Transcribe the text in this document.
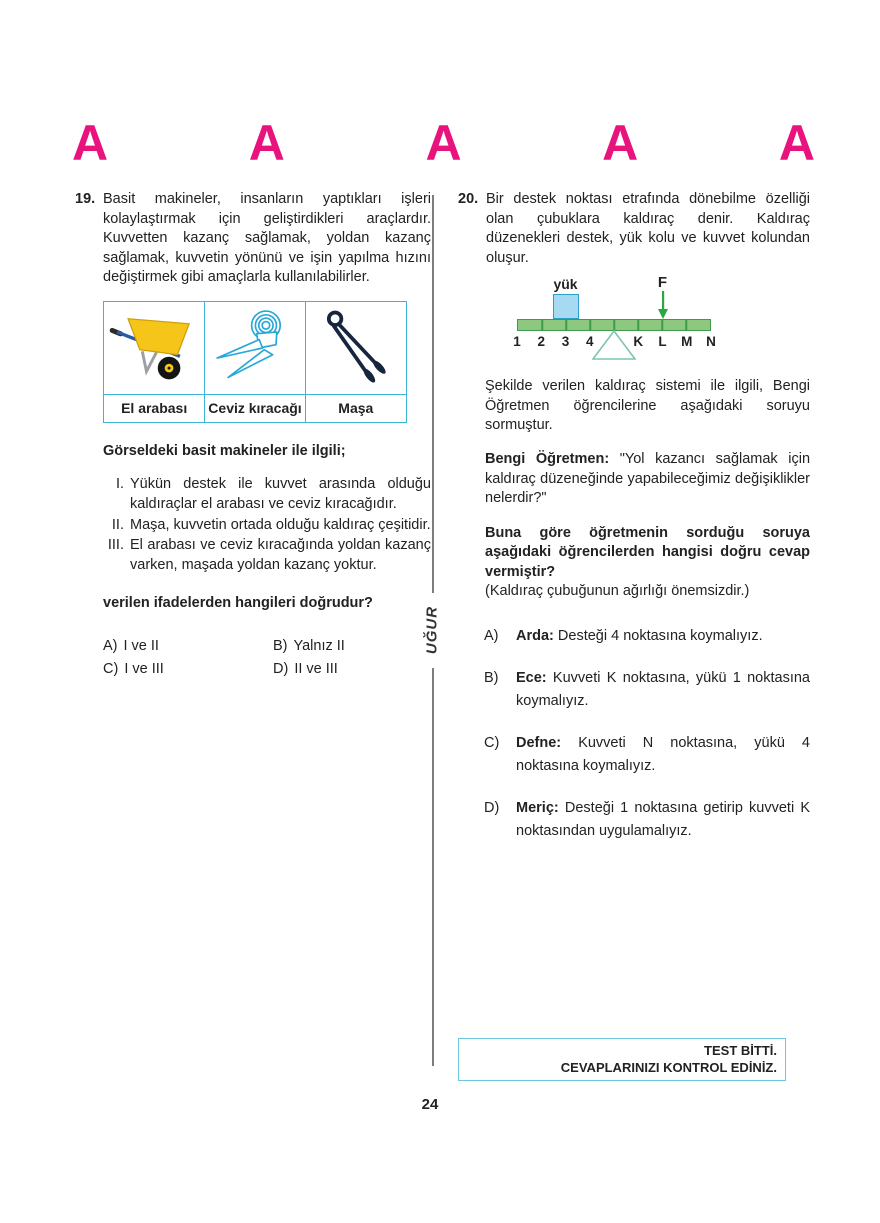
A	A	A	A	A
UĞUR
19. Basit makineler, insanların yaptıkları işleri kolaylaştırmak için geliştirdikleri araçlardır. Kuvvetten kazanç sağlamak, yoldan kazanç sağlamak, kuvvetin yönünü ve işin yapılma hızını değiştirmek gibi amaçlarla kullanılabilirler.

El arabası	Ceviz kıracağı	Maşa

Görseldeki basit makineler ile ilgili;

I. Yükün destek ile kuvvet arasında olduğu kaldıraçlar el arabası ve ceviz kıracağıdır.
II. Maşa, kuvvetin ortada olduğu kaldıraç çeşitidir.
III. El arabası ve ceviz kıracağında yoldan kazanç varken, maşada yoldan kazanç yoktur.

verilen ifadelerden hangileri doğrudur?

A) I ve II	B) Yalnız II
C) I ve III	D) II ve III
20. Bir destek noktası etrafında dönebilme özelliği olan çubuklara kaldıraç denir. Kaldıraç düzenekleri destek, yük kolu ve kuvvet kolundan oluşur.

yük	F
1 2 3 4	K L M N

Şekilde verilen kaldıraç sistemi ile ilgili, Bengi Öğretmen öğrencilerine aşağıdaki soruyu sormuştur.

Bengi Öğretmen: "Yol kazancı sağlamak için kaldıraç düzeneğinde yapabileceğimiz değişiklikler nelerdir?"

Buna göre öğretmenin sorduğu soruya aşağıdaki öğrencilerden hangisi doğru cevap vermiştir?

(Kaldıraç çubuğunun ağırlığı önemsizdir.)

A)	Arda: Desteği 4 noktasına koymalıyız.
B)	Ece: Kuvveti K noktasına, yükü 1 noktasına koymalıyız.
C)	Defne: Kuvveti N noktasına, yükü 4 noktasına koymalıyız.
D)	Meriç: Desteği 1 noktasına getirip kuvveti K noktasından uygulamalıyız.
TEST BİTTİ.
CEVAPLARINIZI KONTROL EDİNİZ.
24
